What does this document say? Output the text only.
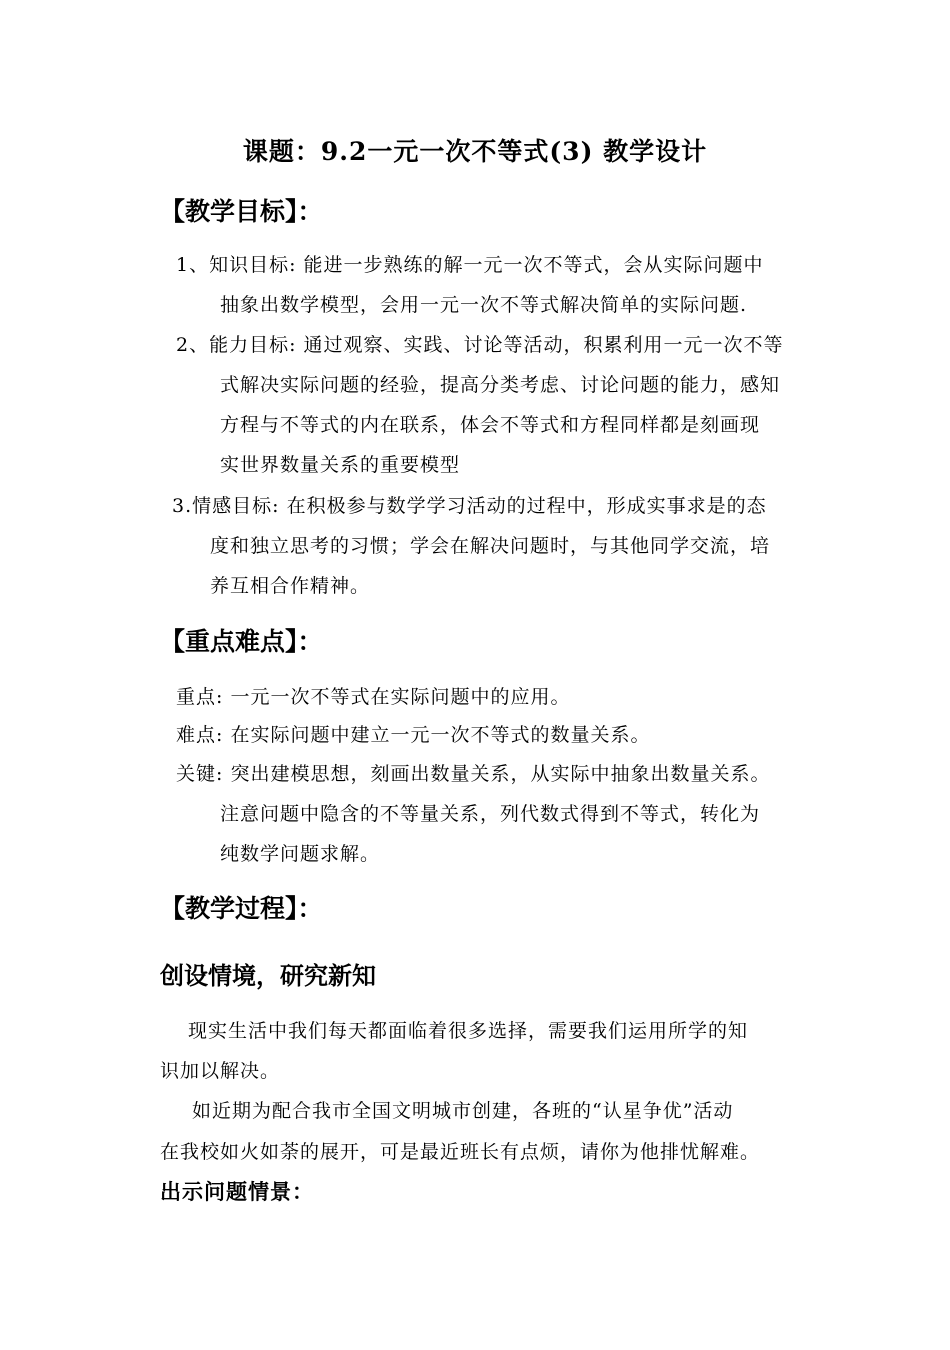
课题：9.2一元一次不等式(3) 教学设计
【教学目标】：
1、知识目标: 能进一步熟练的解一元一次不等式，会从实际问题中
抽象出数学模型，会用一元一次不等式解决简单的实际问题.
2、能力目标: 通过观察、实践、讨论等活动，积累利用一元一次不等
式解决实际问题的经验，提高分类考虑、讨论问题的能力，感知
方程与不等式的内在联系，体会不等式和方程同样都是刻画现
实世界数量关系的重要模型
3.情感目标: 在积极参与数学学习活动的过程中，形成实事求是的态
度和独立思考的习惯；学会在解决问题时，与其他同学交流，培
养互相合作精神。
【重点难点】：
重点: 一元一次不等式在实际问题中的应用。
难点: 在实际问题中建立一元一次不等式的数量关系。
关键: 突出建模思想，刻画出数量关系，从实际中抽象出数量关系。
注意问题中隐含的不等量关系，列代数式得到不等式，转化为
纯数学问题求解。
【教学过程】：
创设情境，研究新知
现实生活中我们每天都面临着很多选择，需要我们运用所学的知
识加以解决。
如近期为配合我市全国文明城市创建，各班的“认星争优”活动
在我校如火如荼的展开，可是最近班长有点烦，请你为他排忧解难。
出示问题情景：
